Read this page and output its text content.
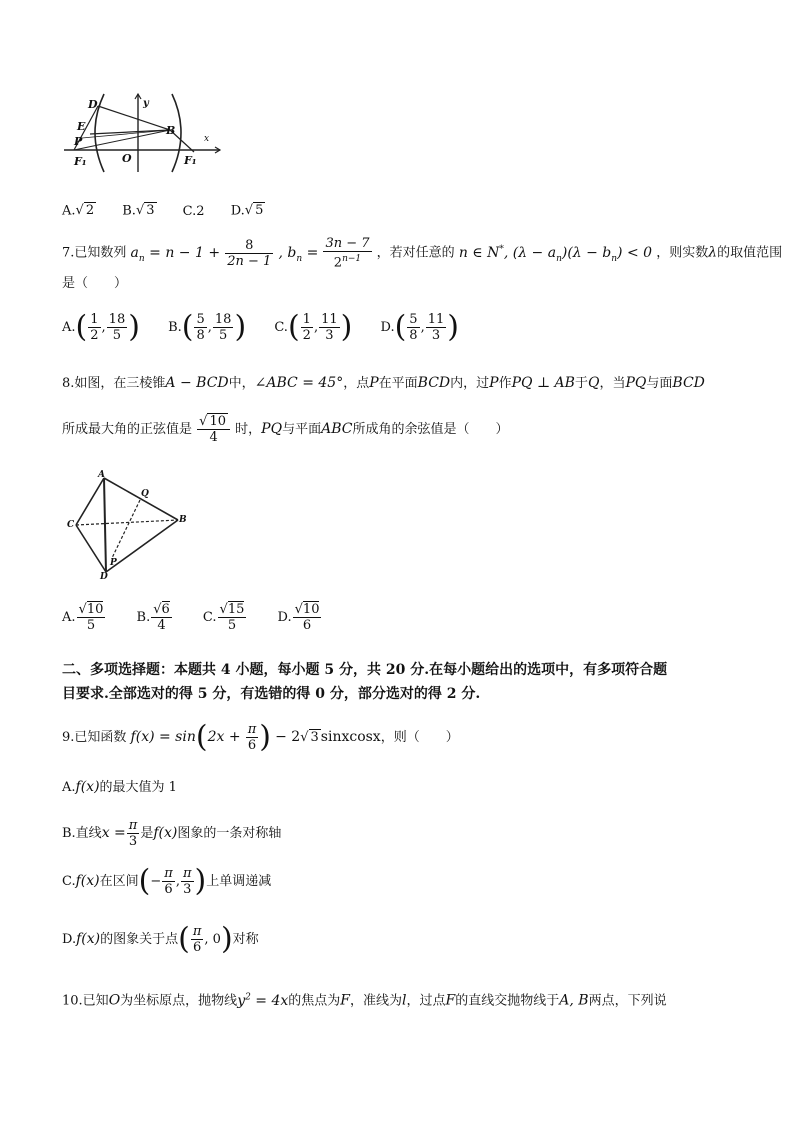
D
E
P
F₁
y
O
B
x
F₁
A.√ 2 B.√ 3 C.2 D.√ 5
7.已知数列 $a_n = n - 1 + \frac{8}{2n - 1}$ , $b_n = \frac{3n - 7}{2^{n-1}}$ ，若对任意的 n ∈ N*, $(\lambda - a_n)(\lambda - b_n) < 0$ ，则实数λ的取值范围
是（　　）
$A.( \frac{1}{2}$ , $\frac{18}{5}$ ) $B.( \frac{5}{8}$ , $\frac{18}{5}$ ) $C.( \frac{1}{2}$ , $\frac{11}{3}$ ) $D.( \frac{5}{8}$ , $\frac{11}{3}$ )
8.如图，在三棱锥A − BCD中，∠ABC = 45°，点P在平面BCD内，过P作PQ ⊥ AB于Q，当PQ与面BCD
所成最大角的正弦值是 $\frac{√ 10}{4}$ 时，PQ与平面ABC所成角的余弦值是（　　）
A
Q
C	B
P
D
A. $\frac{√10}{5} B$. $\frac{√6}{4} C$. $\frac{√15}{5} D$. $\frac{√10}{6}$
二、多项选择题：本题共 4 小题，每小题 5 分，共 20 分.在每小题给出的选项中，有多项符合题
目要求.全部选对的得 5 分，有选错的得 0 分，部分选对的得 2 分.
9.已知函数 $f(x) = \sin(2x + \frac{\pi}{6}$ ) − 2√ 3 sinxcosx，则（　　）
A.f(x)的最大值为 1
B.直线$x = \frac{\pi}{3}$ 是f(x)图象的一条对称轴
C.f(x)在区间(− $\frac{\pi}{6}$ , $\frac{\pi}{3}$ )上单调递减
D.f(x)的图象关于点( $\frac{\pi}{6}$ , 0)对称
10.已知O为坐标原点，抛物线$y^2 = 4x$的焦点为F，准线为l，过点F的直线交抛物线于A, B两点，下列说
